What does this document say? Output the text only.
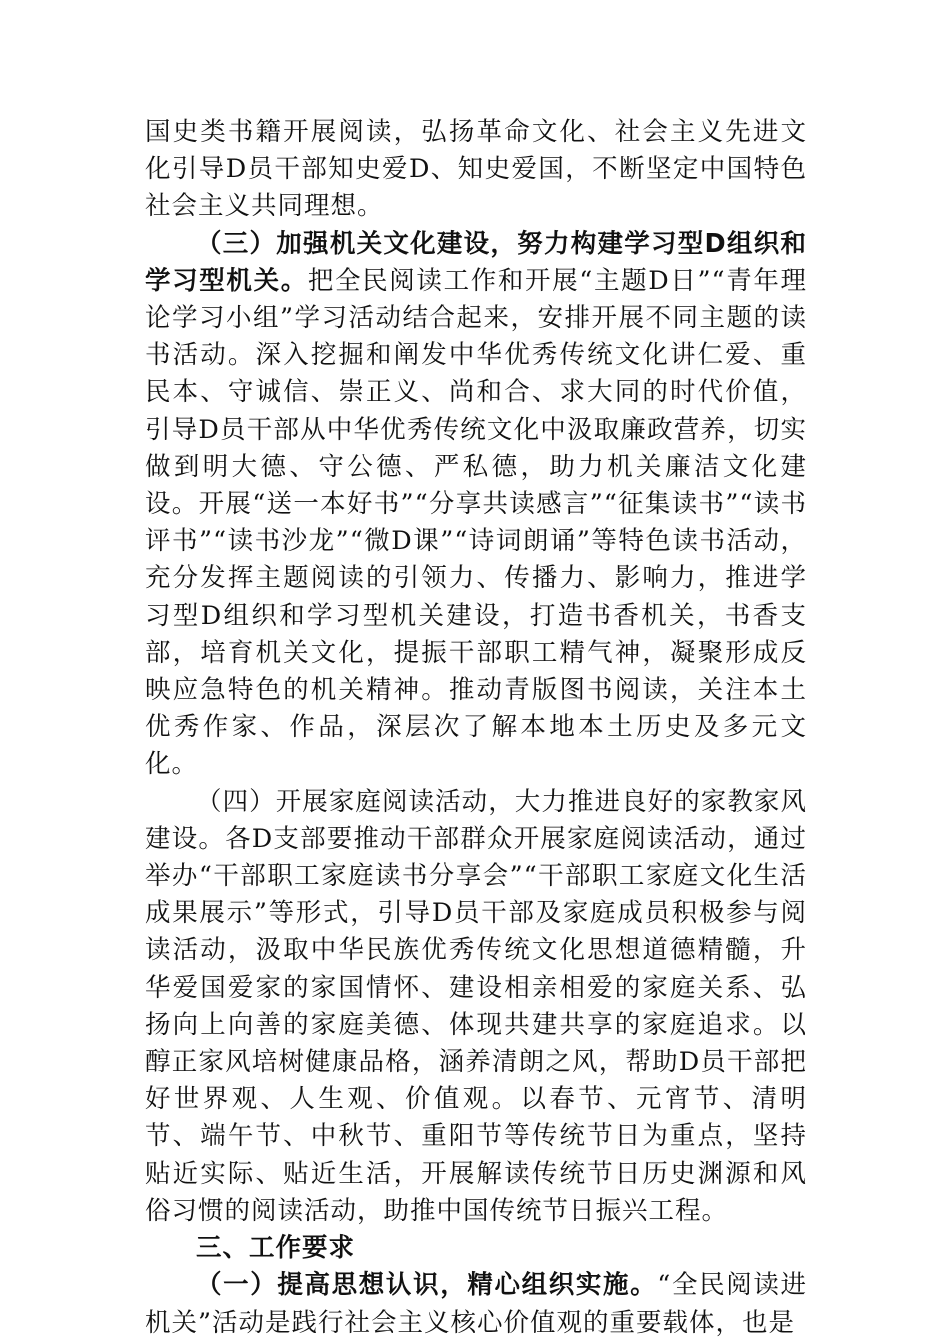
国史类书籍开展阅读，弘扬革命文化、社会主义先进文化引导D员干部知史爱D、知史爱国，不断坚定中国特色社会主义共同理想。

（三）加强机关文化建设，努力构建学习型D组织和学习型机关。把全民阅读工作和开展“主题D日”“青年理论学习小组”学习活动结合起来，安排开展不同主题的读书活动。深入挖掘和阐发中华优秀传统文化讲仁爱、重民本、守诚信、崇正义、尚和合、求大同的时代价值，引导D员干部从中华优秀传统文化中汲取廉政营养，切实做到明大德、守公德、严私德，助力机关廉洁文化建设。开展“送一本好书”“分享共读感言”“征集读书”“读书评书”“读书沙龙”“微D课”“诗词朗诵”等特色读书活动，充分发挥主题阅读的引领力、传播力、影响力，推进学习型D组织和学习型机关建设，打造书香机关，书香支部，培育机关文化，提振干部职工精气神，凝聚形成反映应急特色的机关精神。推动青版图书阅读，关注本土优秀作家、作品，深层次了解本地本土历史及多元文化。

（四）开展家庭阅读活动，大力推进良好的家教家风建设。各D支部要推动干部群众开展家庭阅读活动，通过举办“干部职工家庭读书分享会”“干部职工家庭文化生活成果展示”等形式，引导D员干部及家庭成员积极参与阅读活动，汲取中华民族优秀传统文化思想道德精髓，升华爱国爱家的家国情怀、建设相亲相爱的家庭关系、弘扬向上向善的家庭美德、体现共建共享的家庭追求。以醇正家风培树健康品格，涵养清朗之风，帮助D员干部把好世界观、人生观、价值观。以春节、元宵节、清明节、端午节、中秋节、重阳节等传统节日为重点，坚持贴近实际、贴近生活，开展解读传统节日历史渊源和风俗习惯的阅读活动，助推中国传统节日振兴工程。

三、工作要求

（一）提高思想认识，精心组织实施。“全民阅读进机关”活动是践行社会主义核心价值观的重要载体，也是
